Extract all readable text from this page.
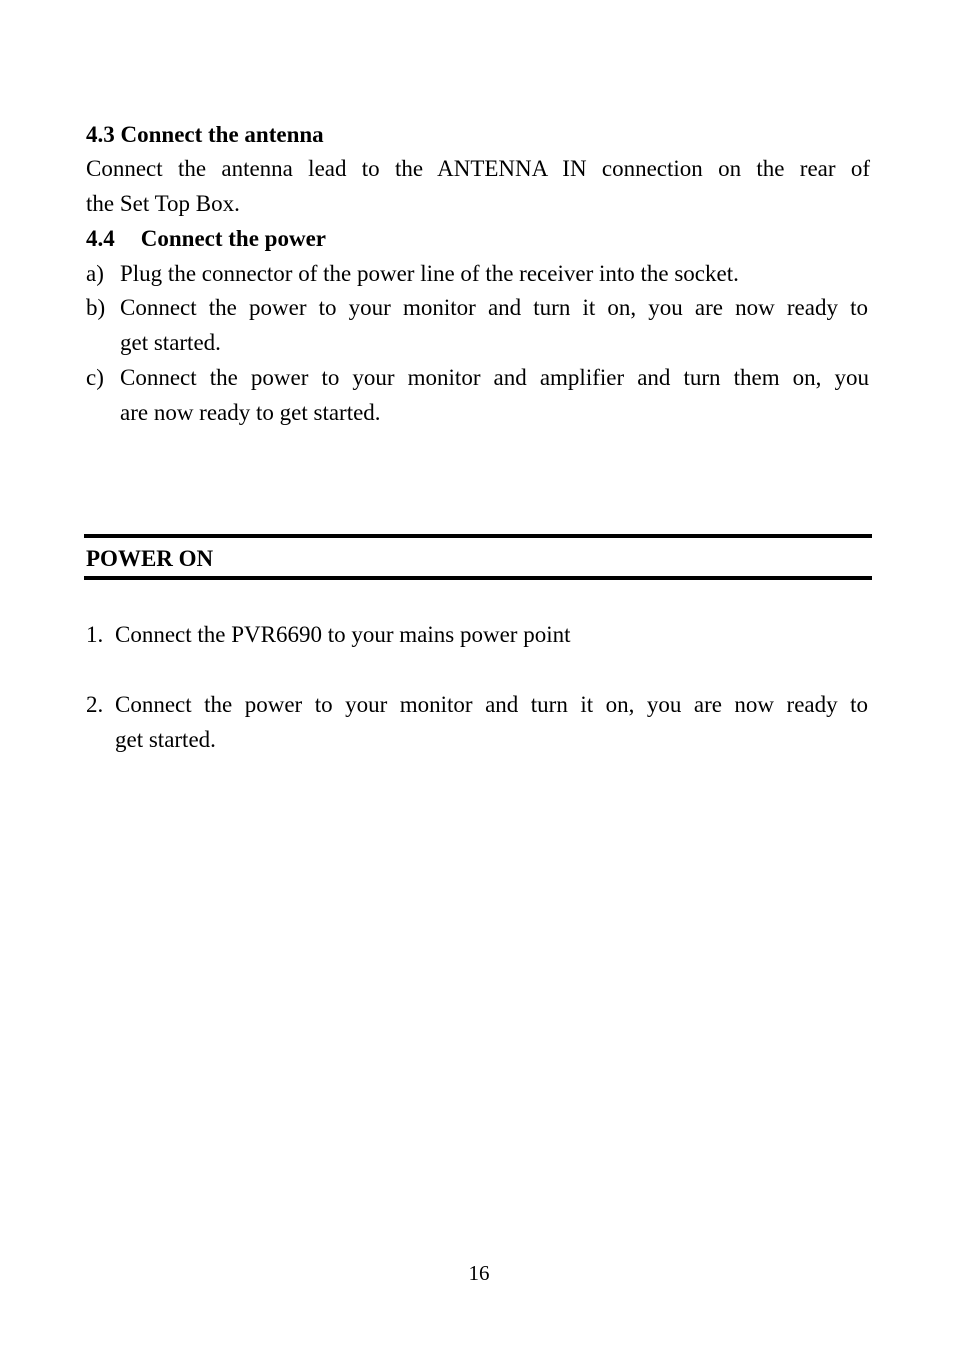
4.3 Connect the antenna
Connect the antenna lead to the ANTENNA IN connection on the rear of
the Set Top Box.
4.4 Connect the power
a) Plug the connector of the power line of the receiver into the socket.
b) Connect the power to your monitor and turn it on, you are now ready to
get started.
c) Connect the power to your monitor and amplifier and turn them on, you
are now ready to get started.
POWER ON
1. Connect the PVR6690 to your mains power point
2. Connect the power to your monitor and turn it on, you are now ready to
get started.
16
